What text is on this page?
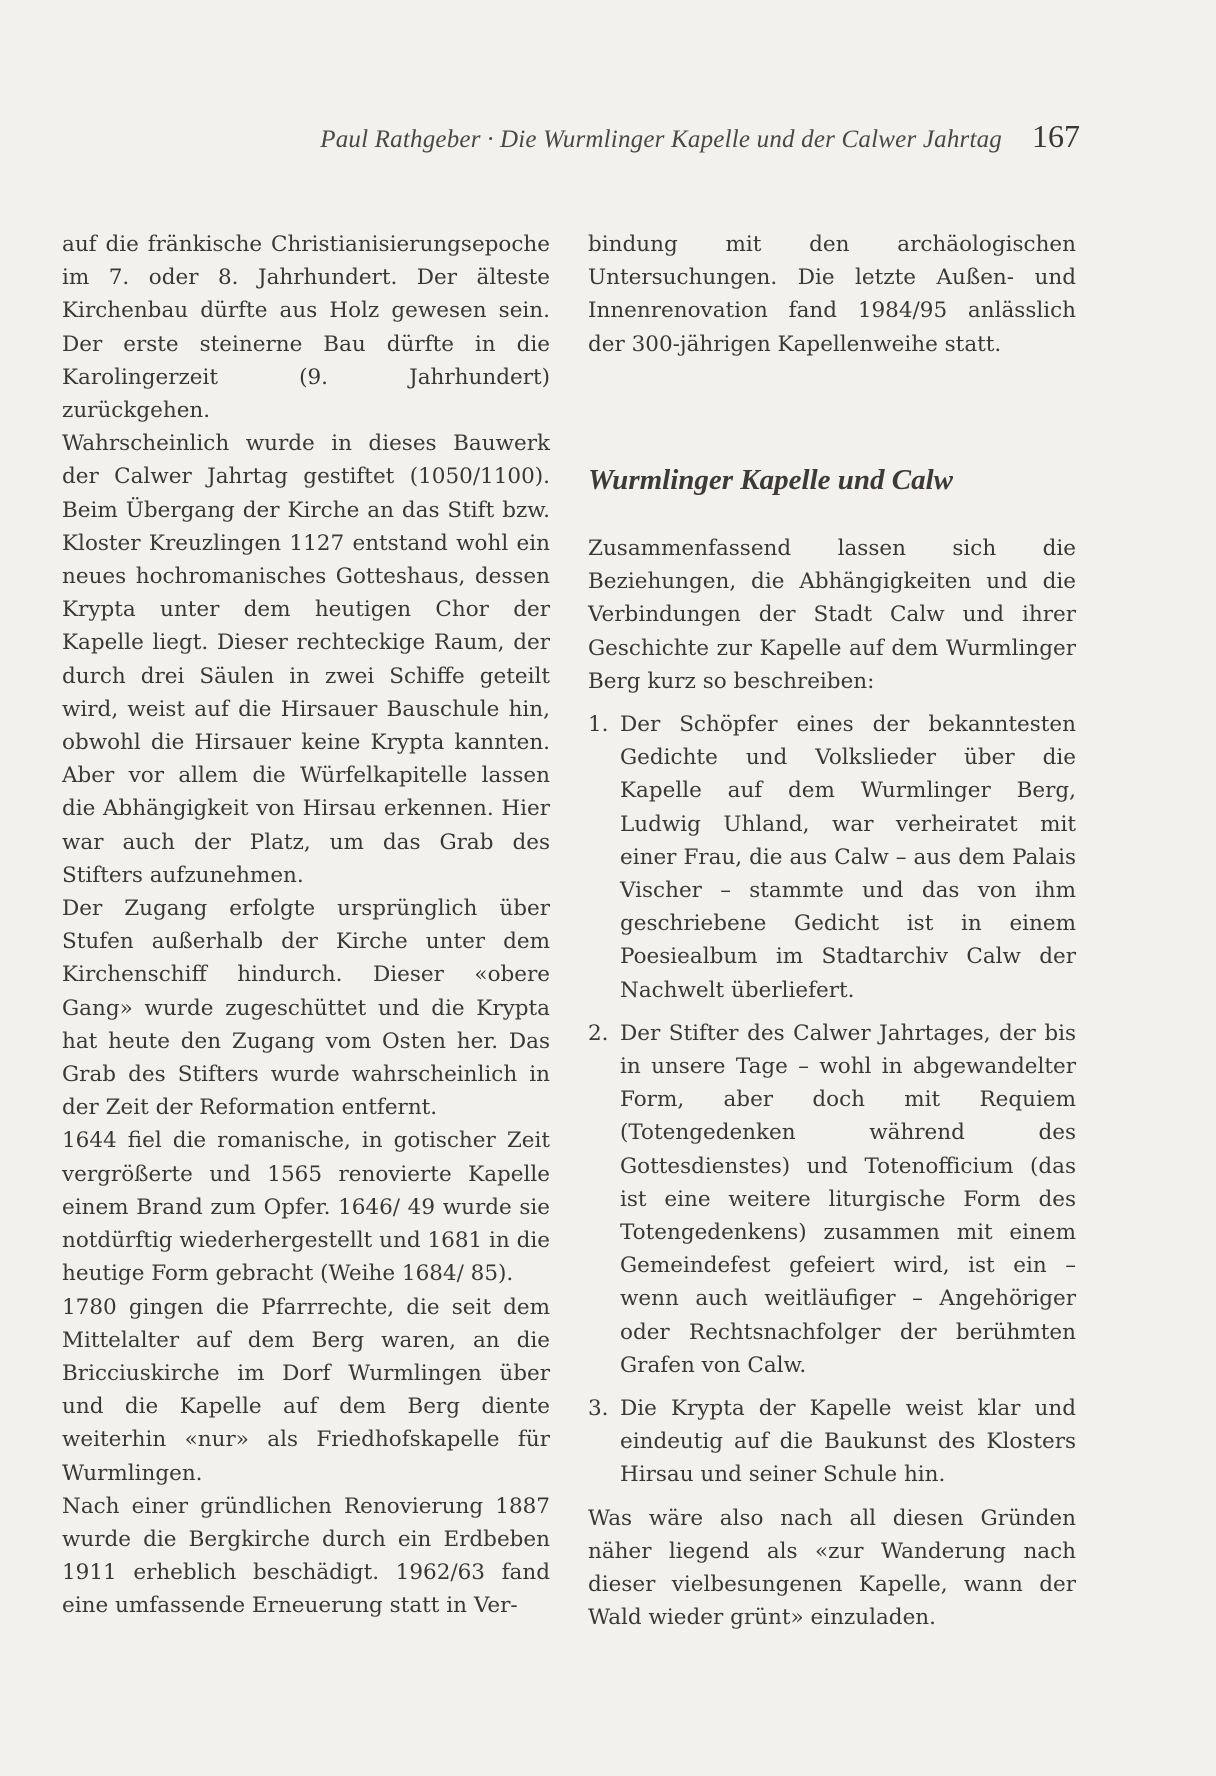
Paul Rathgeber · Die Wurmlinger Kapelle und der Calwer Jahrtag 167

auf die fränkische Christianisierungsepoche im 7. oder 8. Jahrhundert. Der älteste Kirchenbau dürfte aus Holz gewesen sein. Der erste steinerne Bau dürfte in die Karolingerzeit (9. Jahrhundert) zurückgehen.

Wahrscheinlich wurde in dieses Bauwerk der Calwer Jahrtag gestiftet (1050/1100). Beim Übergang der Kirche an das Stift bzw. Kloster Kreuzlingen 1127 entstand wohl ein neues hochromanisches Gotteshaus, dessen Krypta unter dem heutigen Chor der Kapelle liegt. Dieser rechteckige Raum, der durch drei Säulen in zwei Schiffe geteilt wird, weist auf die Hirsauer Bauschule hin, obwohl die Hirsauer keine Krypta kannten. Aber vor allem die Würfelkapitelle lassen die Abhängigkeit von Hirsau erkennen. Hier war auch der Platz, um das Grab des Stifters aufzunehmen.

Der Zugang erfolgte ursprünglich über Stufen außerhalb der Kirche unter dem Kirchenschiff hindurch. Dieser «obere Gang» wurde zugeschüttet und die Krypta hat heute den Zugang vom Osten her. Das Grab des Stifters wurde wahrscheinlich in der Zeit der Reformation entfernt.

1644 fiel die romanische, in gotischer Zeit vergrößerte und 1565 renovierte Kapelle einem Brand zum Opfer. 1646/ 49 wurde sie notdürftig wiederhergestellt und 1681 in die heutige Form gebracht (Weihe 1684/ 85).

1780 gingen die Pfarrrechte, die seit dem Mittelalter auf dem Berg waren, an die Bricciuskirche im Dorf Wurmlingen über und die Kapelle auf dem Berg diente weiterhin «nur» als Friedhofskapelle für Wurmlingen.

Nach einer gründlichen Renovierung 1887 wurde die Bergkirche durch ein Erdbeben 1911 erheblich beschädigt. 1962/63 fand eine umfassende Erneuerung statt in Ver-

bindung mit den archäologischen Untersuchungen. Die letzte Außen- und Innenrenovation fand 1984/95 anlässlich der 300-jährigen Kapellenweihe statt.

Wurmlinger Kapelle und Calw

Zusammenfassend lassen sich die Beziehungen, die Abhängigkeiten und die Verbindungen der Stadt Calw und ihrer Geschichte zur Kapelle auf dem Wurmlinger Berg kurz so beschreiben:

1. Der Schöpfer eines der bekanntesten Gedichte und Volkslieder über die Kapelle auf dem Wurmlinger Berg, Ludwig Uhland, war verheiratet mit einer Frau, die aus Calw – aus dem Palais Vischer – stammte und das von ihm geschriebene Gedicht ist in einem Poesiealbum im Stadtarchiv Calw der Nachwelt überliefert.
2. Der Stifter des Calwer Jahrtages, der bis in unsere Tage – wohl in abgewandelter Form, aber doch mit Requiem (Totengedenken während des Gottesdienstes) und Totenofficium (das ist eine weitere liturgische Form des Totengedenkens) zusammen mit einem Gemeindefest gefeiert wird, ist ein – wenn auch weitläufiger – Angehöriger oder Rechtsnachfolger der berühmten Grafen von Calw.
3. Die Krypta der Kapelle weist klar und eindeutig auf die Baukunst des Klosters Hirsau und seiner Schule hin.

Was wäre also nach all diesen Gründen näher liegend als «zur Wanderung nach dieser vielbesungenen Kapelle, wann der Wald wieder grünt» einzuladen.
